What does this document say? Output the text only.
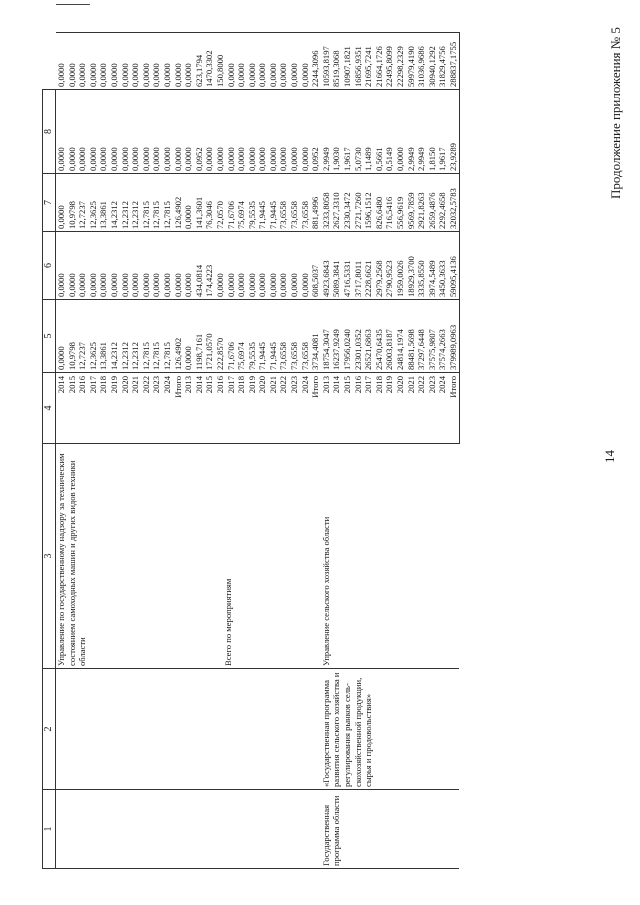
14
Продолжение приложения № 5
1	2	3	4	5	6	7	8	

		Управление по государственному надзору за техническим состоянием самоходных машин и других видов техники области	2014	0,0000	0,0000	0,0000	0,0000	0,0000
			2015	10,9798	0,0000	10,9798	0,0000	0,0000
			2016	12,7237	0,0000	12,7237	0,0000	0,0000
			2017	12,3625	0,0000	12,3625	0,0000	0,0000
			2018	13,3861	0,0000	13,3861	0,0000	0,0000
			2019	14,2312	0,0000	14,2312	0,0000	0,0000
			2020	12,2312	0,0000	12,2312	0,0000	0,0000
			2021	12,2312	0,0000	12,2312	0,0000	0,0000
			2022	12,7815	0,0000	12,7815	0,0000	0,0000
			2023	12,7815	0,0000	12,7815	0,0000	0,0000
			2024	12,7815	0,0000	12,7815	0,0000	0,0000
			Итого	126,4902	0,0000	126,4902	0,0000	0,0000

		Всего по мероприятиям	2013	0,0000	0,0000	0,0000	0,0000	0,0000
			2014	1198,7161	434,0814	141,3601	0,0952	623,1794
			2015	1721,0570	174,4223	76,3046	0,0000	1470,3302
			2016	222,8570	0,0000	72,0570	0,0000	150,8000
			2017	71,6706	0,0000	71,6706	0,0000	0,0000
			2018	75,6974	0,0000	75,6974	0,0000	0,0000
			2019	79,5535	0,0000	79,5535	0,0000	0,0000
			2020	71,9445	0,0000	71,9445	0,0000	0,0000
			2021	71,9445	0,0000	71,9445	0,0000	0,0000
			2022	73,6558	0,0000	73,6558	0,0000	0,0000
			2023	73,6558	0,0000	73,6558	0,0000	0,0000
			2024	73,6558	0,0000	73,6558	0,0000	0,0000
			Итого	3734,4081	608,5037	881,4996	0,0952	2244,3096

Государственная программа области	«Государственная программа развития сельского хозяйства и регулирования рынков сель-скохозяйственной продукции, сырья и продовольствия»	Управление сельского хозяйства области	2013	18754,3047	4923,6843	3233,8058	2,9949	10593,8197
			2014	16237,9249	5089,3841	2627,3310	1,9030	8519,3068
			2015	17956,0240	4716,5331	2330,3472	1,9617	10907,1821
			2016	23301,0352	3717,8011	2721,7260	5,0730	16856,9351
			2017	26521,6863	2228,6621	1596,1512	1,1489	21695,7241
			2018	25470,6435	2979,2568	826,6480	0,5661	21664,1726
			2019	26003,8187	2790,9523	716,5416	0,5149	22495,8099
			2020	24814,1974	1959,0026	556,9619	0,0000	22298,2329
			2021	88481,5698	18929,3700	9569,7859	2,9949	59979,4190
			2022	37297,6448	3335,8550	2921,8263	2,9949	31036,9686
			2023	37575,9807	3974,5489	2659,4876	1,8150	30940,1292
			2024	37574,2663	3450,3633	2292,4658	1,9617	31829,4756
			Итого	379989,0963	59095,4136	32032,5783	23,9289	288837,1755
